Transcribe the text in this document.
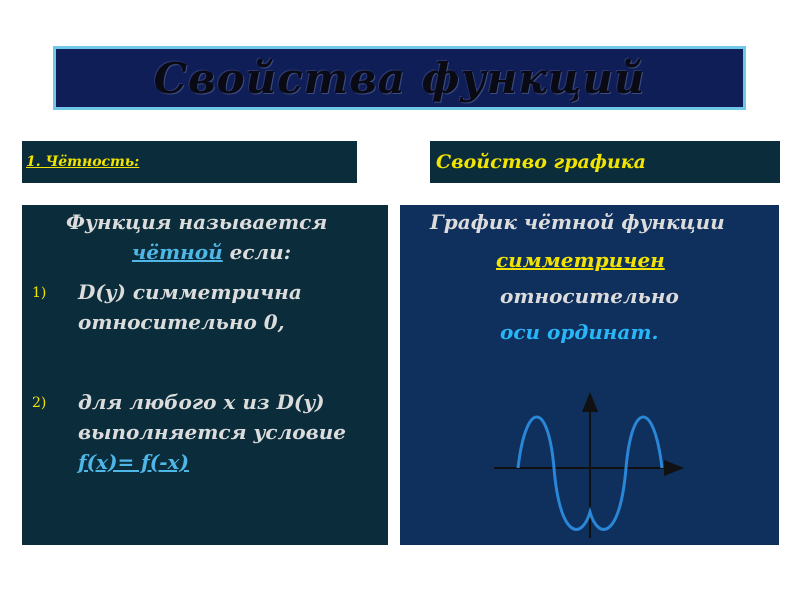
Свойства функций
1. Чётность:	Свойство графика
Функция называется
чётной если:
1) D(y) симметрична
относительно 0,
2) для любого x из D(y)
выполняется условие
f(x)= f(-x)
График чётной функции
симметричен
относительно
оси ординат.
